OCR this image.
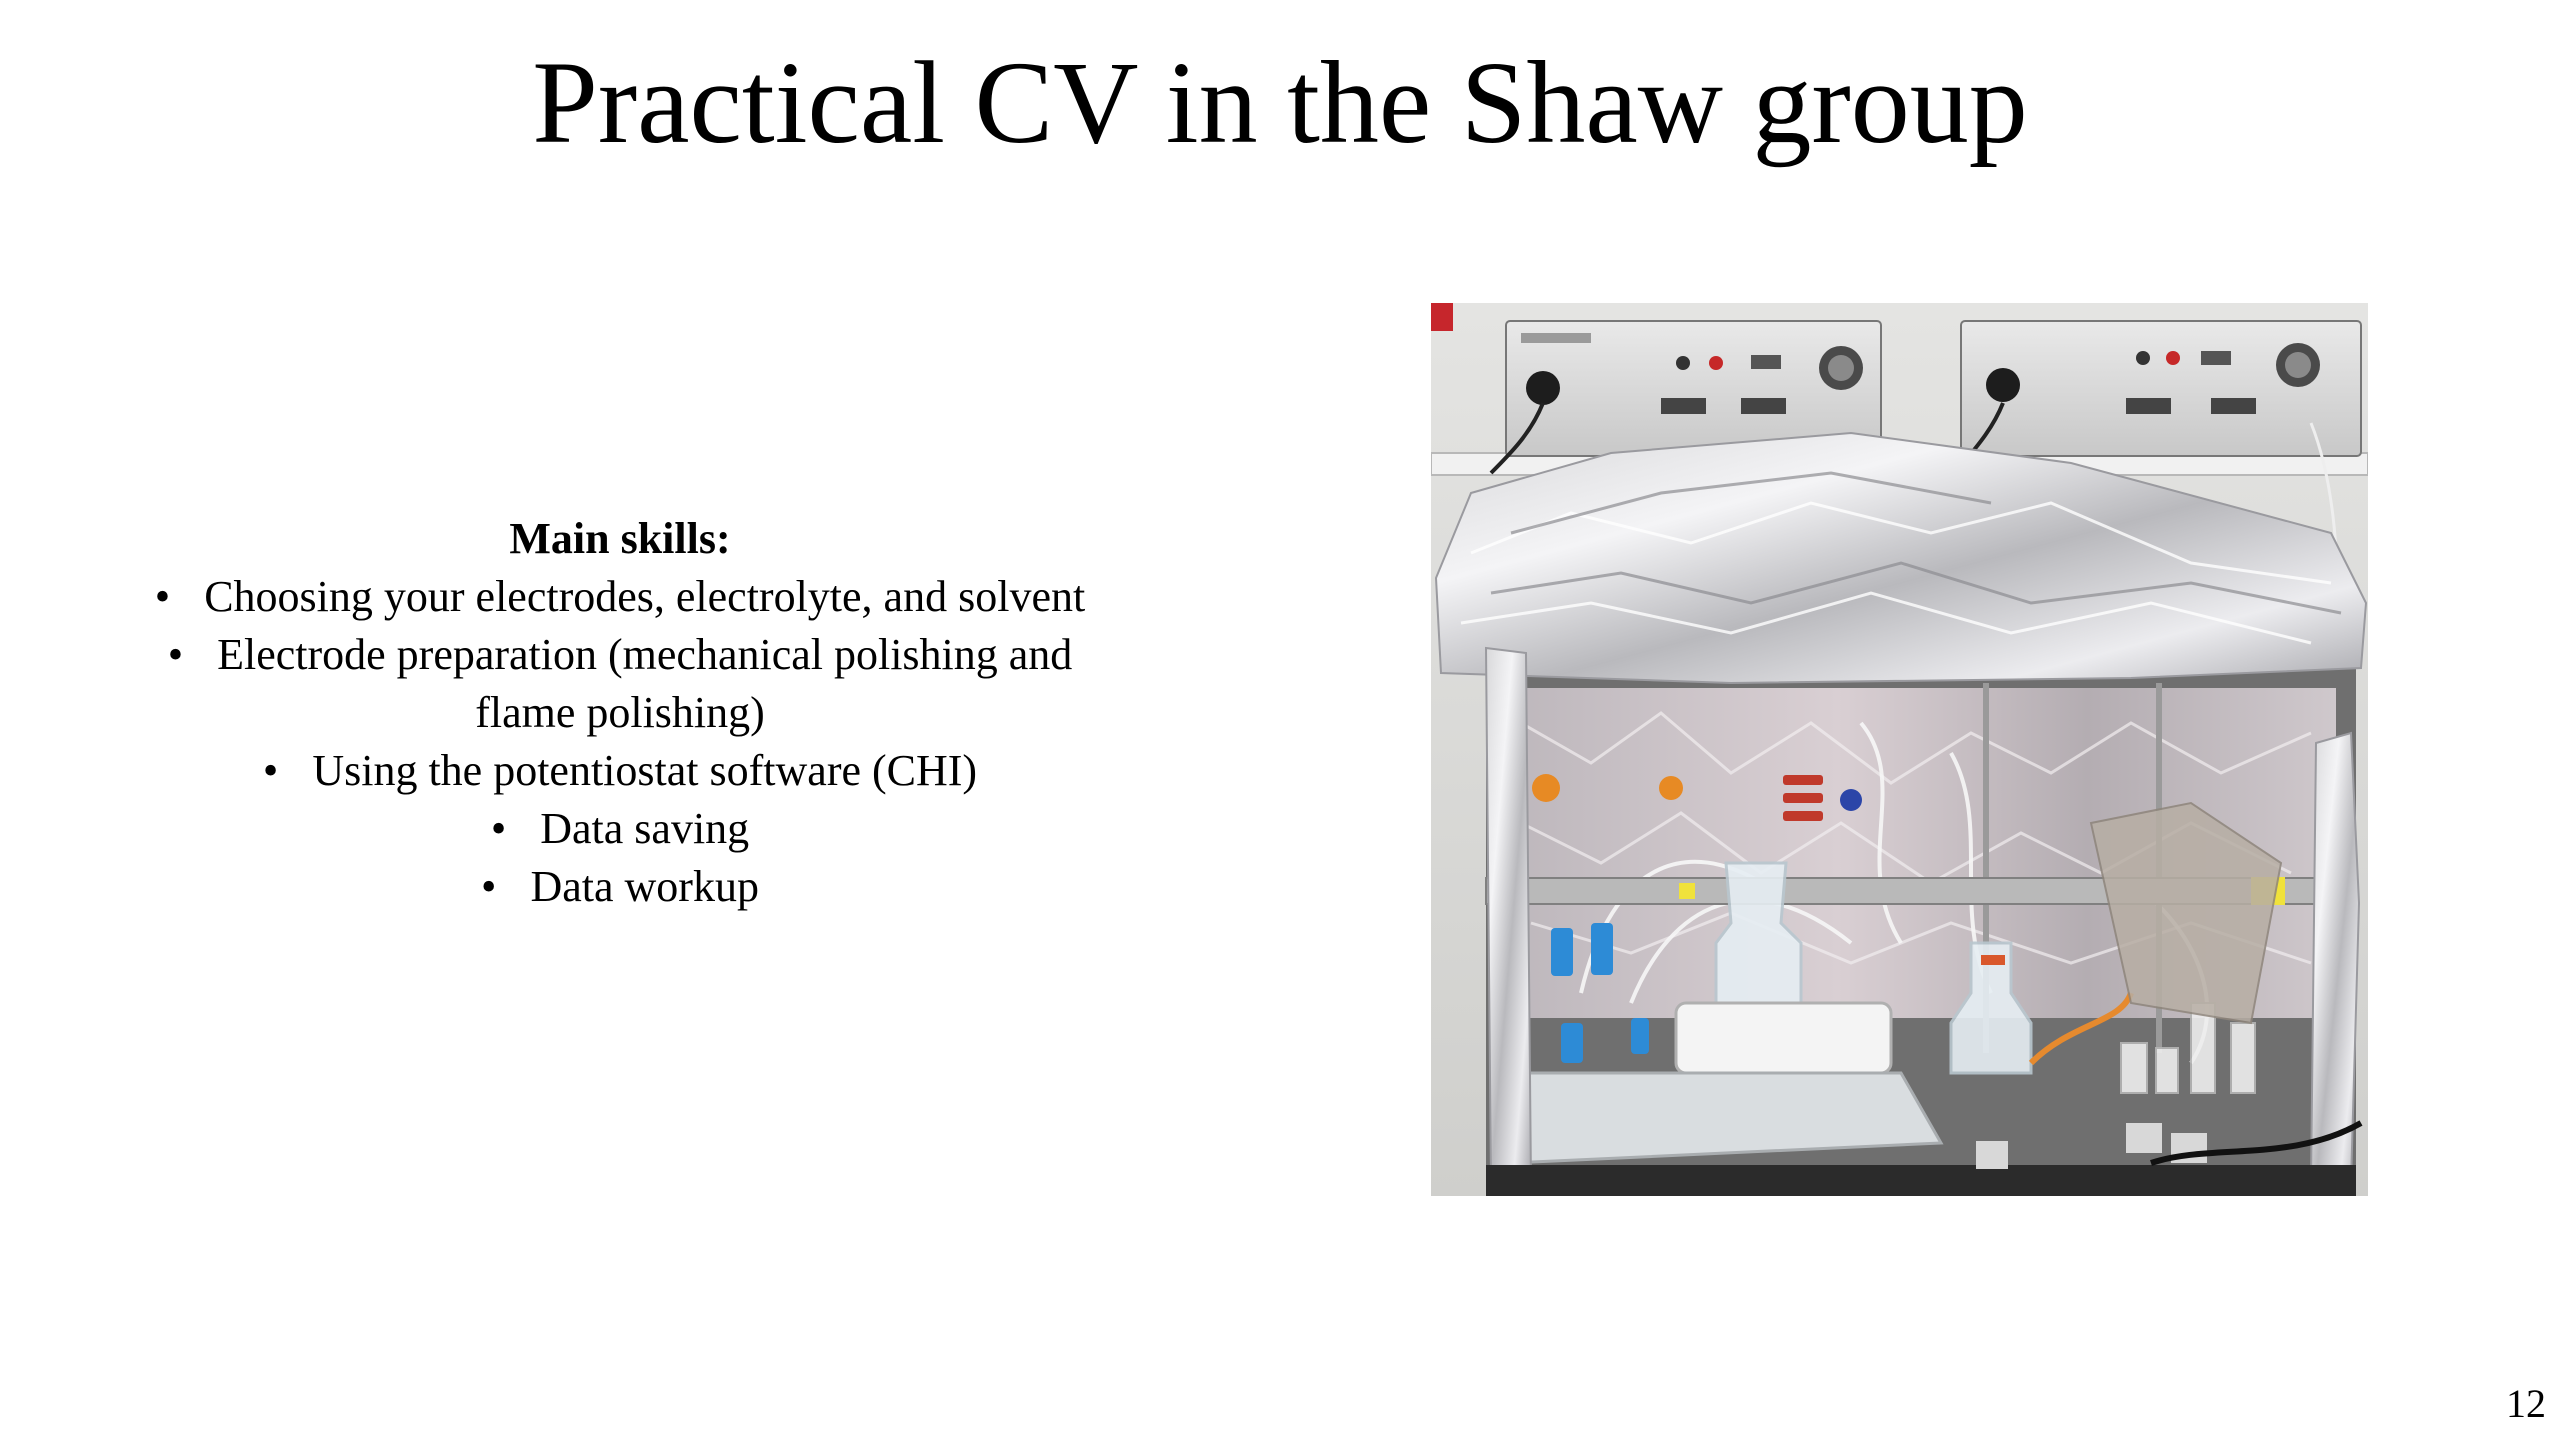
Practical CV in the Shaw group

Main skills:

• Choosing your electrodes, electrolyte, and solvent
• Electrode preparation (mechanical polishing and
flame polishing)
• Using the potentiostat software (CHI)
• Data saving
• Data workup
12
